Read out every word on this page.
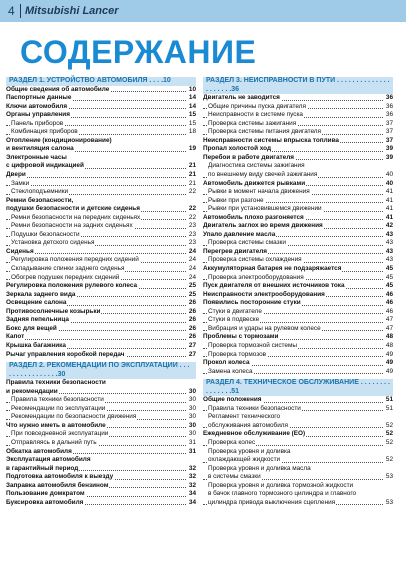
4 Mitsubishi Lancer
СОДЕРЖАНИЕ
РАЗДЕЛ 1. УСТРОЙСТВО АВТОМОБИЛЯ . . . .10
Общие сведения об автомобиле	10
Паспортные данные	14
Ключи автомобиля	14
Органы управления	15
Панель приборов	15
Комбинация приборов	18
Отопление (кондиционирование)
и вентиляция салона	19
Электронные часы
с цифровой индикацией	21
Двери	21
Замки	21
Стеклоподъемники	22
Ремни безопасности,
подушки безопасности и детские сиденья	22
Ремни безопасности на передних сиденьях	22
Ремни безопасности на задних сиденьях	23
Подушки безопасности	23
Установка детского сиденья	23
Сиденья	24
Регулировка положения передних сидений	24
Складывание спинки заднего сиденья	24
Обогрев подушек передних сидений	24
Регулировка положения рулевого колеса	25
Зеркала заднего вида	25
Освещение салона	26
Противосолнечные козырьки	26
Задняя пепельница	26
Бокс для вещей	26
Капот	26
Крышка багажника	27
Рычаг управления коробкой передач	27
РАЗДЕЛ 2. РЕКОМЕНДАЦИИ ПО ЭКСПЛУАТАЦИИ . . . . . . . . . . . . . . . .30
Правила техники безопасности
и рекомендации	30
Правила техники безопасности	30
Рекомендации по эксплуатации	30
Рекомендации по безопасности движения	30
Что нужно иметь в автомобиле	30
При повседневной эксплуатации	30
Отправляясь в дальний путь	31
Обкатка автомобиля	31
Эксплуатация автомобиля
в гарантийный период	32
Подготовка автомобиля к выезду	32
Заправка автомобиля бензином	32
Пользование домкратом	34
Буксировка автомобиля	34
РАЗДЕЛ 3. НЕИСПРАВНОСТИ В ПУТИ . . . . . . . . . . . . . . . . . . . . .36
Двигатель не заводится	36
Общие причины пуска двигателя	36
Неисправности в системе пуска	36
Проверка системы зажигания	37
Проверка системы питания двигателя	37
Неисправности системы впрыска топлива	37
Пропал холостой ход	39
Перебои в работе двигателя	39
Диагностика системы зажигания
по внешнему виду свечей зажигания	40
Автомобиль движется рывками	40
Рывки в момент начала движения	41
Рывки при разгоне	41
Рывки при установившемся движении	41
Автомобиль плохо разгоняется	41
Двигатель заглох во время движения	42
Упало давление масла	43
Проверка системы смазки	43
Перегрев двигателя	43
Проверка системы охлаждения	43
Аккумуляторная батарея не подзаряжается	45
Проверка электрооборудования	45
Пуск двигателя от внешних источников тока	45
Неисправности электрооборудования	46
Появились посторонние стуки	46
Стуки в двигателе	46
Стуки в подвеске	47
Вибрация и удары на рулевом колесе	47
Проблемы с тормозами	48
Проверка тормозной системы	48
Проверка тормозов	49
Прокол колеса	49
Замена колеса	49
РАЗДЕЛ 4. ТЕХНИЧЕСКОЕ ОБСЛУЖИВАНИЕ . . . . . . . . . . . . . . .51
Общие положения	51
Правила техники безопасности	51
Регламент технического
обслуживания автомобиля	52
Ежедневное обслуживание (ЕО)	52
Проверка колес	52
Проверка уровня и доливка
охлаждающей жидкости	52
Проверка уровня и доливка масла
в системы смазки	53
Проверка уровня и доливка тормозной жидкости
в бачок главного тормозного цилиндра и главного
цилиндра привода выключения сцепления	53
